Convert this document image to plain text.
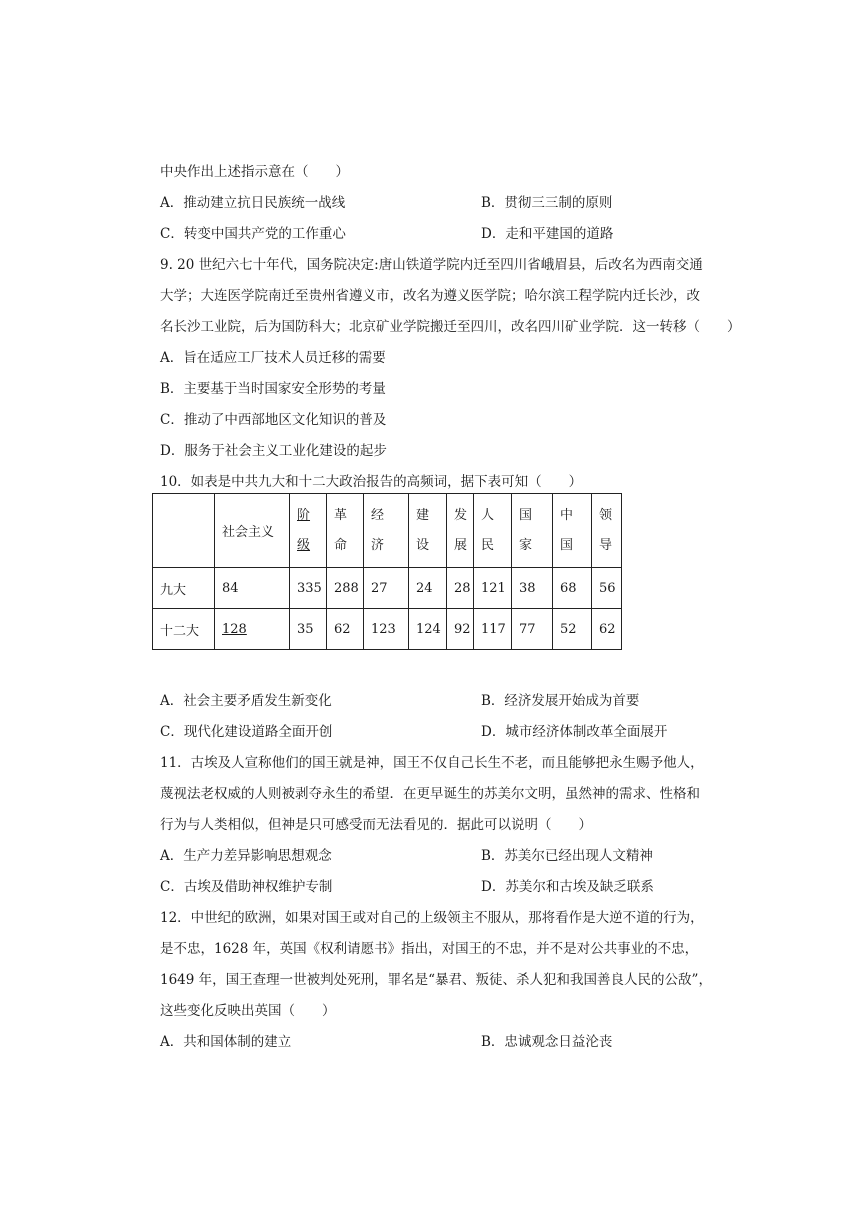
中央作出上述指示意在（　　）
A．推动建立抗日民族统一战线	B．贯彻三三制的原则
C．转变中国共产党的工作重心	D．走和平建国的道路
9. 20 世纪六七十年代，国务院决定:唐山铁道学院内迁至四川省峨眉县，后改名为西南交通
大学；大连医学院南迁至贵州省遵义市，改名为遵义医学院；哈尔滨工程学院内迁长沙，改
名长沙工业院，后为国防科大；北京矿业学院搬迁至四川，改名四川矿业学院．这一转移（　　）
A．旨在适应工厂技术人员迁移的需要
B．主要基于当时国家安全形势的考量
C．推动了中西部地区文化知识的普及
D．服务于社会主义工业化建设的起步
10．如表是中共九大和十二大政治报告的高频词，据下表可知（　　）
	社会主义	阶级	革命	经济	建设	发展	人民	国家	中国	领导
九大	84	335	288	27	24	28	121	38	68	56
十二大	128	35	62	123	124	92	117	77	52	62
A．社会主要矛盾发生新变化	B．经济发展开始成为首要
C．现代化建设道路全面开创	D．城市经济体制改革全面展开
11．古埃及人宣称他们的国王就是神，国王不仅自己长生不老，而且能够把永生赐予他人，
蔑视法老权威的人则被剥夺永生的希望．在更早诞生的苏美尔文明，虽然神的需求、性格和
行为与人类相似，但神是只可感受而无法看见的．据此可以说明（　　）
A．生产力差异影响思想观念	B．苏美尔已经出现人文精神
C．古埃及借助神权维护专制	D．苏美尔和古埃及缺乏联系
12．中世纪的欧洲，如果对国王或对自己的上级领主不服从，那将看作是大逆不道的行为，
是不忠，1628 年，英国《权利请愿书》指出，对国王的不忠，并不是对公共事业的不忠，
1649 年，国王查理一世被判处死刑，罪名是“暴君、叛徒、杀人犯和我国善良人民的公敌”，
这些变化反映出英国（　　）
A．共和国体制的建立	B．忠诚观念日益沦丧
